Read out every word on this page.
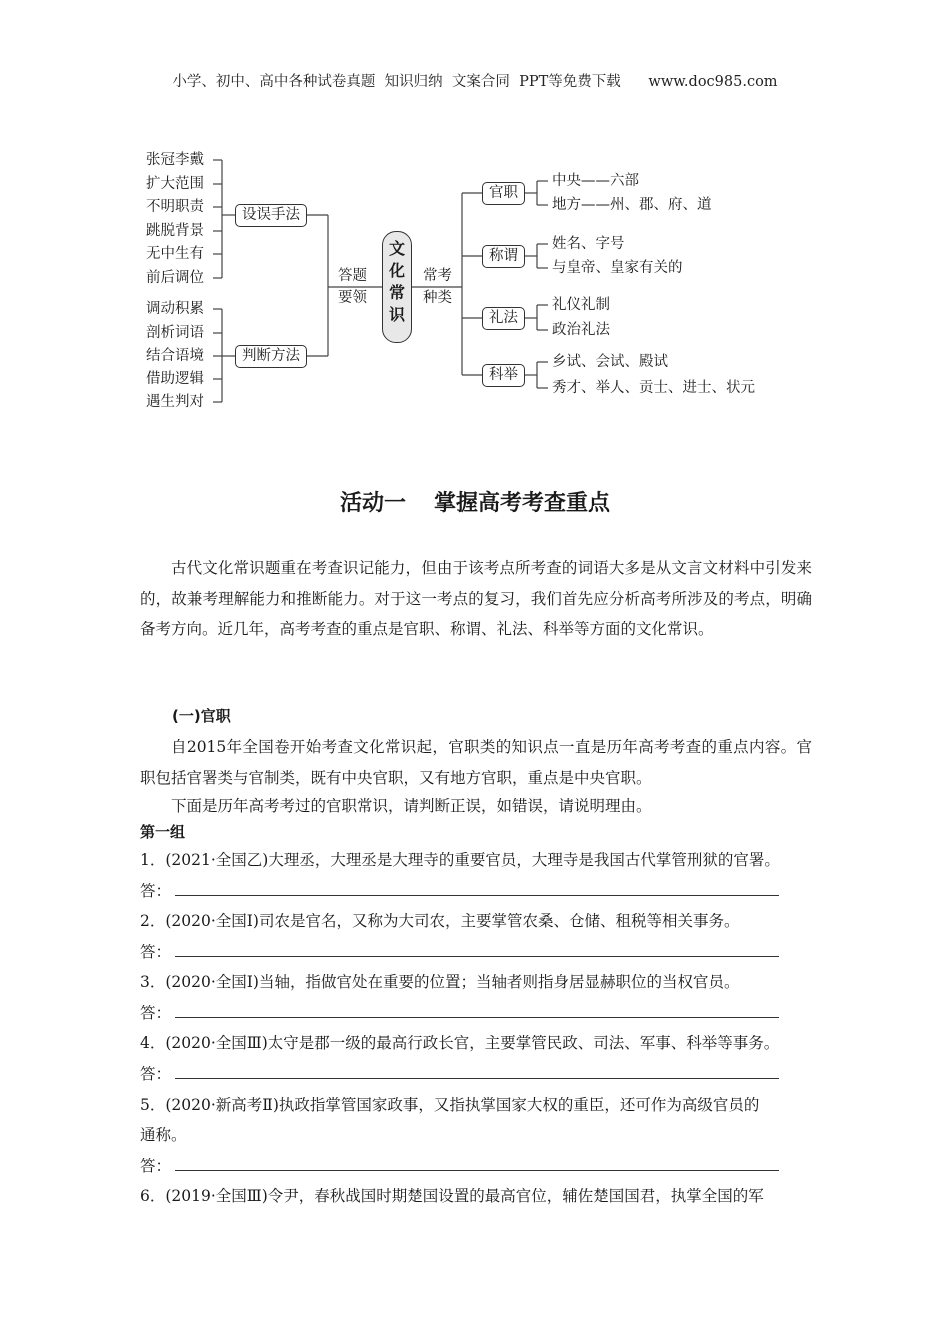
小学、初中、高中各种试卷真题  知识归纳  文案合同  PPT等免费下载      www.doc985.com
张冠李戴
扩大范围
不明职责
跳脱背景
无中生有
前后调位
调动积累
剖析词语
结合语境
借助逻辑
遇生判对
设误手法
判断方法
答题
要领
常考
种类
文
化
常
识
官职
称谓
礼法
科举
中央——六部
地方——州、郡、府、道
姓名、字号
与皇帝、皇家有关的
礼仪礼制
政治礼法
乡试、会试、殿试
秀才、举人、贡士、进士、状元
活动一 掌握高考考查重点
古代文化常识题重在考查识记能力，但由于该考点所考查的词语大多是从文言文材料中引发来的，故兼考理解能力和推断能力。对于这一考点的复习，我们首先应分析高考所涉及的考点，明确备考方向。近几年，高考考查的重点是官职、称谓、礼法、科举等方面的文化常识。
(一)官职
自2015年全国卷开始考查文化常识起，官职类的知识点一直是历年高考考查的重点内容。官职包括官署类与官制类，既有中央官职，又有地方官职，重点是中央官职。
下面是历年高考考过的官职常识，请判断正误，如错误，请说明理由。
第一组
1．(2021·全国乙)大理丞，大理丞是大理寺的重要官员，大理寺是我国古代掌管刑狱的官署。
答：
2．(2020·全国Ⅰ)司农是官名，又称为大司农，主要掌管农桑、仓储、租税等相关事务。
答：
3．(2020·全国Ⅰ)当轴，指做官处在重要的位置；当轴者则指身居显赫职位的当权官员。
答：
4．(2020·全国Ⅲ)太守是郡一级的最高行政长官，主要掌管民政、司法、军事、科举等事务。
答：
5．(2020·新高考Ⅱ)执政指掌管国家政事，又指执掌国家大权的重臣，还可作为高级官员的
通称。
答：
6．(2019·全国Ⅲ)令尹，春秋战国时期楚国设置的最高官位，辅佐楚国国君，执掌全国的军
